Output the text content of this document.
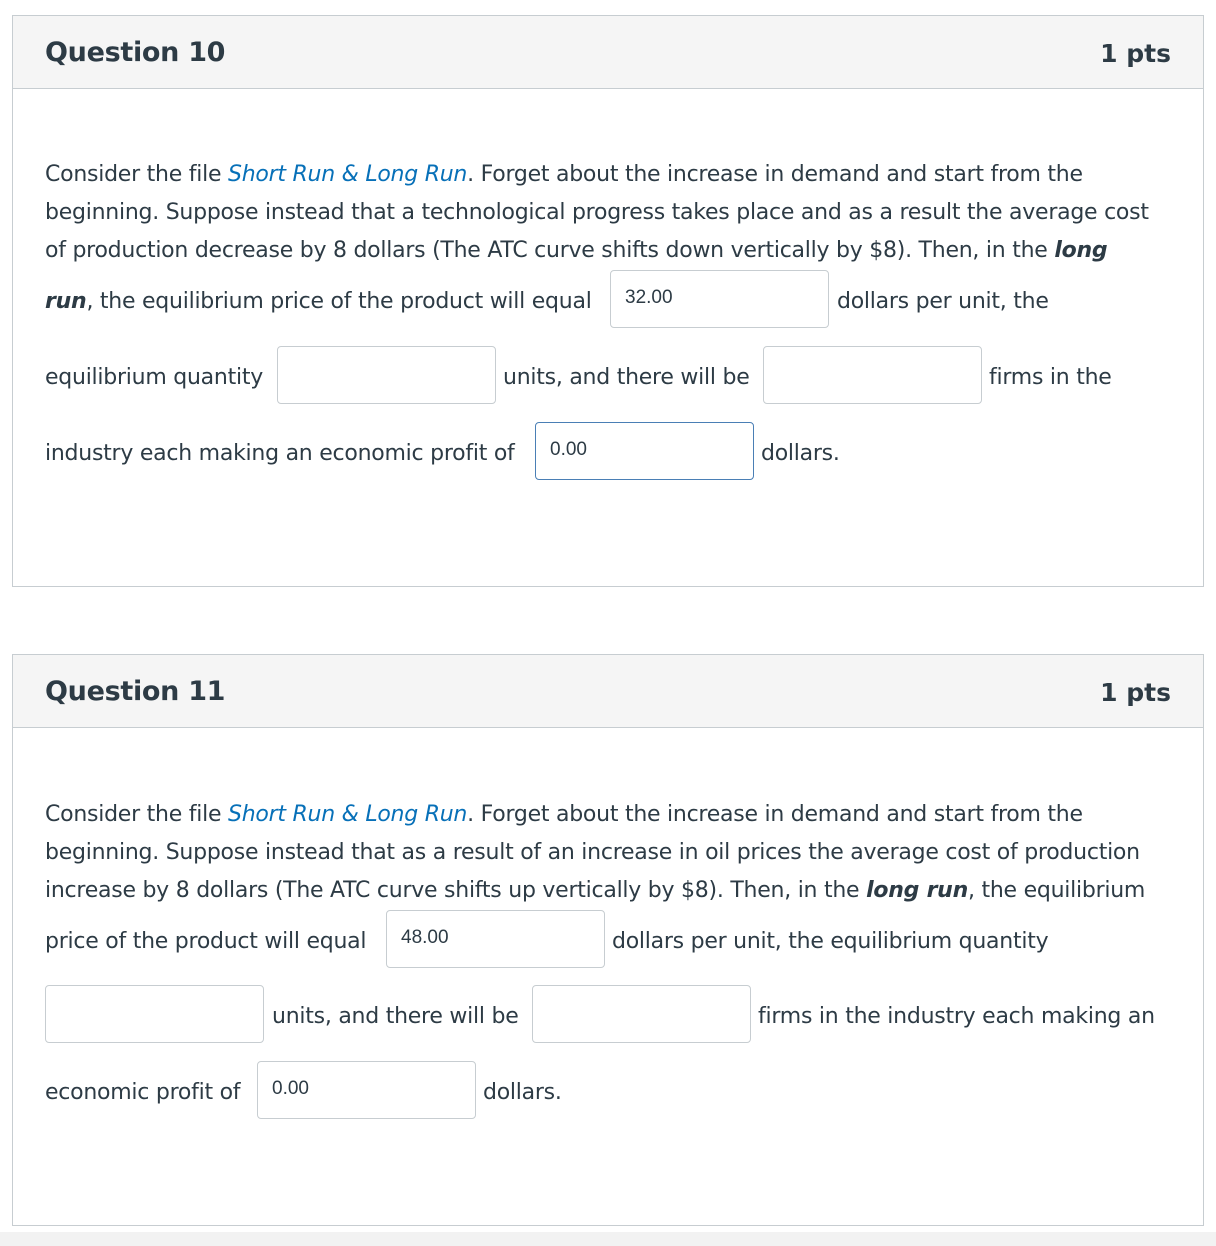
Question 10	1 pts
Consider the file Short Run & Long Run. Forget about the increase in demand and start from the
beginning. Suppose instead that a technological progress takes place and as a result the average cost
of production decrease by 8 dollars (The ATC curve shifts down vertically by $8). Then, in the long
run, the equilibrium price of the product will equal	32.00	dollars per unit, the
equilibrium quantity	units, and there will be	firms in the
industry each making an economic profit of	0.00	dollars.
Question 11	1 pts
Consider the file Short Run & Long Run. Forget about the increase in demand and start from the
beginning. Suppose instead that as a result of an increase in oil prices the average cost of production
increase by 8 dollars (The ATC curve shifts up vertically by $8). Then, in the long run, the equilibrium
price of the product will equal	48.00	dollars per unit, the equilibrium quantity
units, and there will be	firms in the industry each making an
economic profit of	0.00	dollars.
